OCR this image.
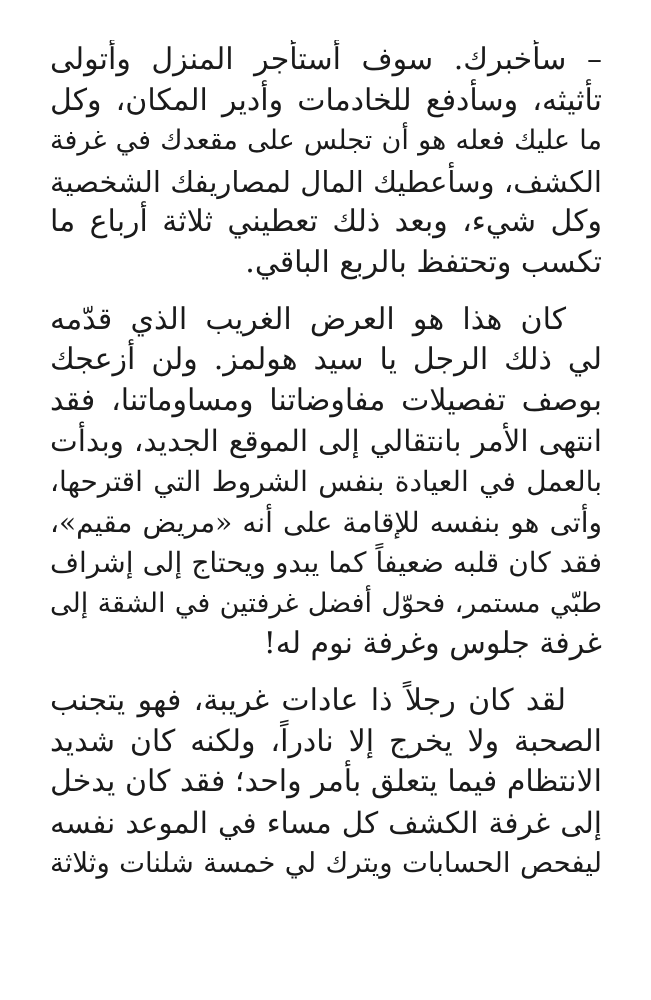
– سأخبرك. سوف أستأجر المنزل وأتولى
تأثيثه، وسأدفع للخادمات وأدير المكان، وكل
ما عليك فعله هو أن تجلس على مقعدك في غرفة
الكشف، وسأعطيك المال لمصاريفك الشخصية
وكل شيء، وبعد ذلك تعطيني ثلاثة أرباع ما
تكسب وتحتفظ بالربع الباقي.

كان هذا هو العرض الغريب الذي قدّمه
لي ذلك الرجل يا سيد هولمز. ولن أزعجك
بوصف تفصيلات مفاوضاتنا ومساوماتنا، فقد
انتهى الأمر بانتقالي إلى الموقع الجديد، وبدأت
بالعمل في العيادة بنفس الشروط التي اقترحها،
وأتى هو بنفسه للإقامة على أنه «مريض مقيم»،
فقد كان قلبه ضعيفاً كما يبدو ويحتاج إلى إشراف
طبّي مستمر، فحوّل أفضل غرفتين في الشقة إلى
غرفة جلوس وغرفة نوم له!

لقد كان رجلاً ذا عادات غريبة، فهو يتجنب
الصحبة ولا يخرج إلا نادراً، ولكنه كان شديد
الانتظام فيما يتعلق بأمر واحد؛ فقد كان يدخل
إلى غرفة الكشف كل مساء في الموعد نفسه
ليفحص الحسابات ويترك لي خمسة شلنات وثلاثة
